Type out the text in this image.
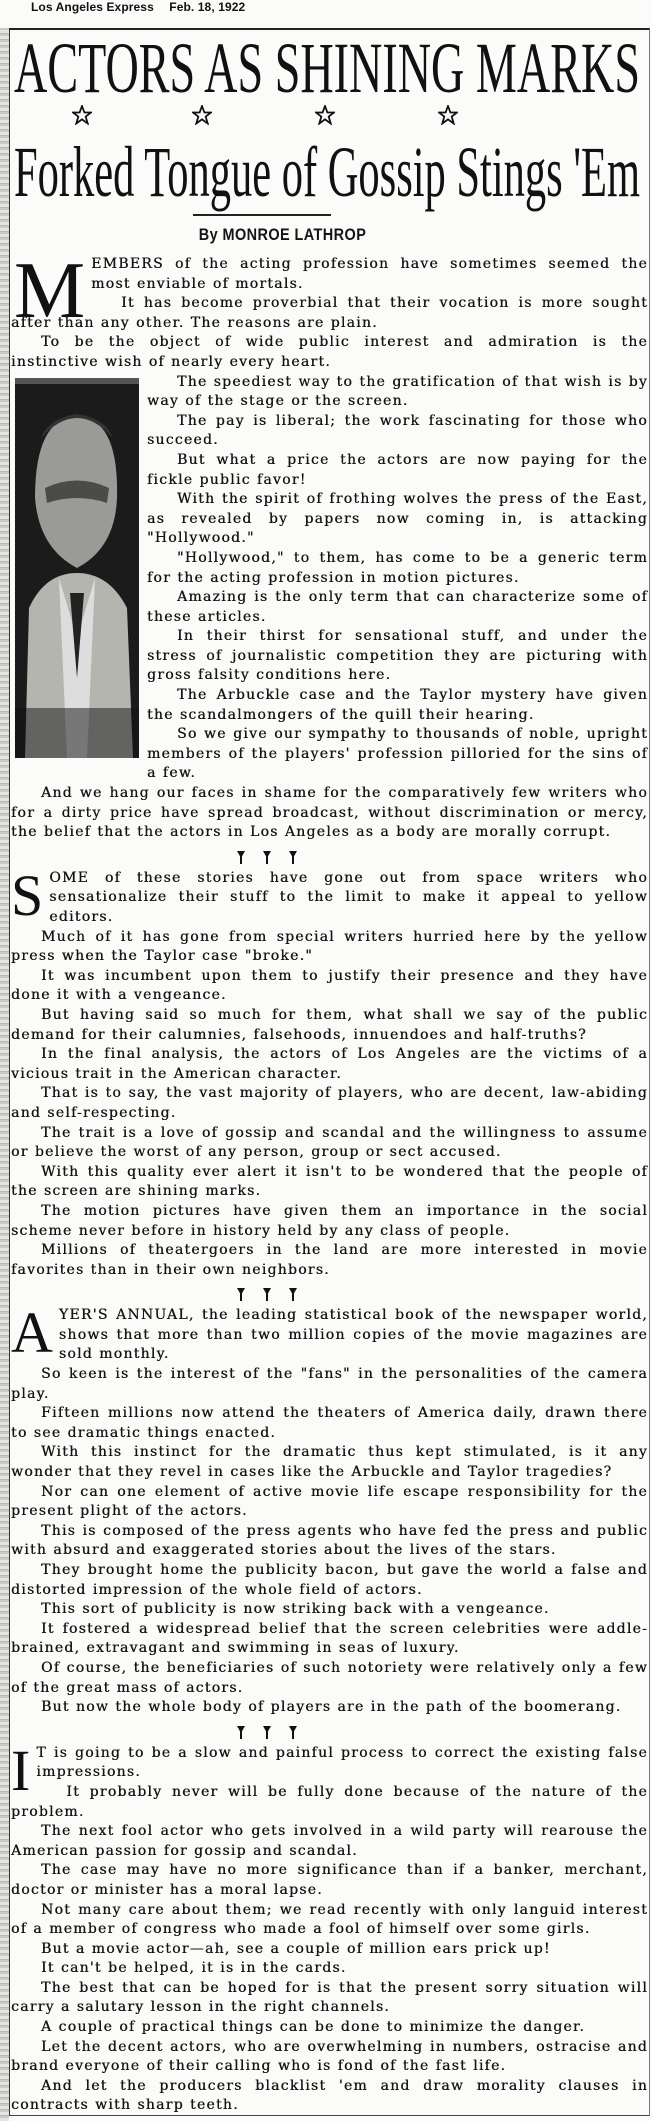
Los Angeles Express Feb. 18, 1922
ACTORS AS SHINING MARKS
Forked Tongue of Gossip Stings 'Em
By MONROE LATHROP
M EMBERS of the acting profession have sometimes seemed the most enviable of mortals.

It has become proverbial that their vocation is more sought after than any other. The reasons are plain.

To be the object of wide public interest and admiration is the instinctive wish of nearly every heart.

The speediest way to the gratification of that wish is by way of the stage or the screen.

The pay is liberal; the work fascinating for those who succeed.

But what a price the actors are now paying for the fickle public favor!

With the spirit of frothing wolves the press of the East, as revealed by papers now coming in, is attacking "Hollywood."

"Hollywood," to them, has come to be a generic term for the acting profession in motion pictures.

Amazing is the only term that can characterize some of these articles.

In their thirst for sensational stuff, and under the stress of journalistic competition they are picturing with gross falsity conditions here.

The Arbuckle case and the Taylor mystery have given the scandalmongers of the quill their hearing.

So we give our sympathy to thousands of noble, upright members of the players' profession pilloried for the sins of a few.

And we hang our faces in shame for the comparatively few writers who for a dirty price have spread broadcast, without discrimination or mercy, the belief that the actors in Los Angeles as a body are morally corrupt.

S OME of these stories have gone out from space writers who sensationalize their stuff to the limit to make it appeal to yellow editors.

Much of it has gone from special writers hurried here by the yellow press when the Taylor case "broke."

It was incumbent upon them to justify their presence and they have done it with a vengeance.

But having said so much for them, what shall we say of the public demand for their calumnies, falsehoods, innuendoes and half-truths?

In the final analysis, the actors of Los Angeles are the victims of a vicious trait in the American character.

That is to say, the vast majority of players, who are decent, law-abiding and self-respecting.

The trait is a love of gossip and scandal and the willingness to assume or believe the worst of any person, group or sect accused.

With this quality ever alert it isn't to be wondered that the people of the screen are shining marks.

The motion pictures have given them an importance in the social scheme never before in history held by any class of people.

Millions of theatergoers in the land are more interested in movie favorites than in their own neighbors.

A YER'S ANNUAL, the leading statistical book of the newspaper world, shows that more than two million copies of the movie magazines are sold monthly.

So keen is the interest of the "fans" in the personalities of the camera play.

Fifteen millions now attend the theaters of America daily, drawn there to see dramatic things enacted.

With this instinct for the dramatic thus kept stimulated, is it any wonder that they revel in cases like the Arbuckle and Taylor tragedies?

Nor can one element of active movie life escape responsibility for the present plight of the actors.

This is composed of the press agents who have fed the press and public with absurd and exaggerated stories about the lives of the stars.

They brought home the publicity bacon, but gave the world a false and distorted impression of the whole field of actors.

This sort of publicity is now striking back with a vengeance.

It fostered a widespread belief that the screen celebrities were addle-brained, extravagant and swimming in seas of luxury.

Of course, the beneficiaries of such notoriety were relatively only a few of the great mass of actors.

But now the whole body of players are in the path of the boomerang.

I T is going to be a slow and painful process to correct the existing false impressions.

It probably never will be fully done because of the nature of the problem.

The next fool actor who gets involved in a wild party will rearouse the American passion for gossip and scandal.

The case may have no more significance than if a banker, merchant, doctor or minister has a moral lapse.

Not many care about them; we read recently with only languid interest of a member of congress who made a fool of himself over some girls.

But a movie actor—ah, see a couple of million ears prick up!

It can't be helped, it is in the cards.

The best that can be hoped for is that the present sorry situation will carry a salutary lesson in the right channels.

A couple of practical things can be done to minimize the danger.

Let the decent actors, who are overwhelming in numbers, ostracise and brand everyone of their calling who is fond of the fast life.

And let the producers blacklist 'em and draw morality clauses in contracts with sharp teeth.
